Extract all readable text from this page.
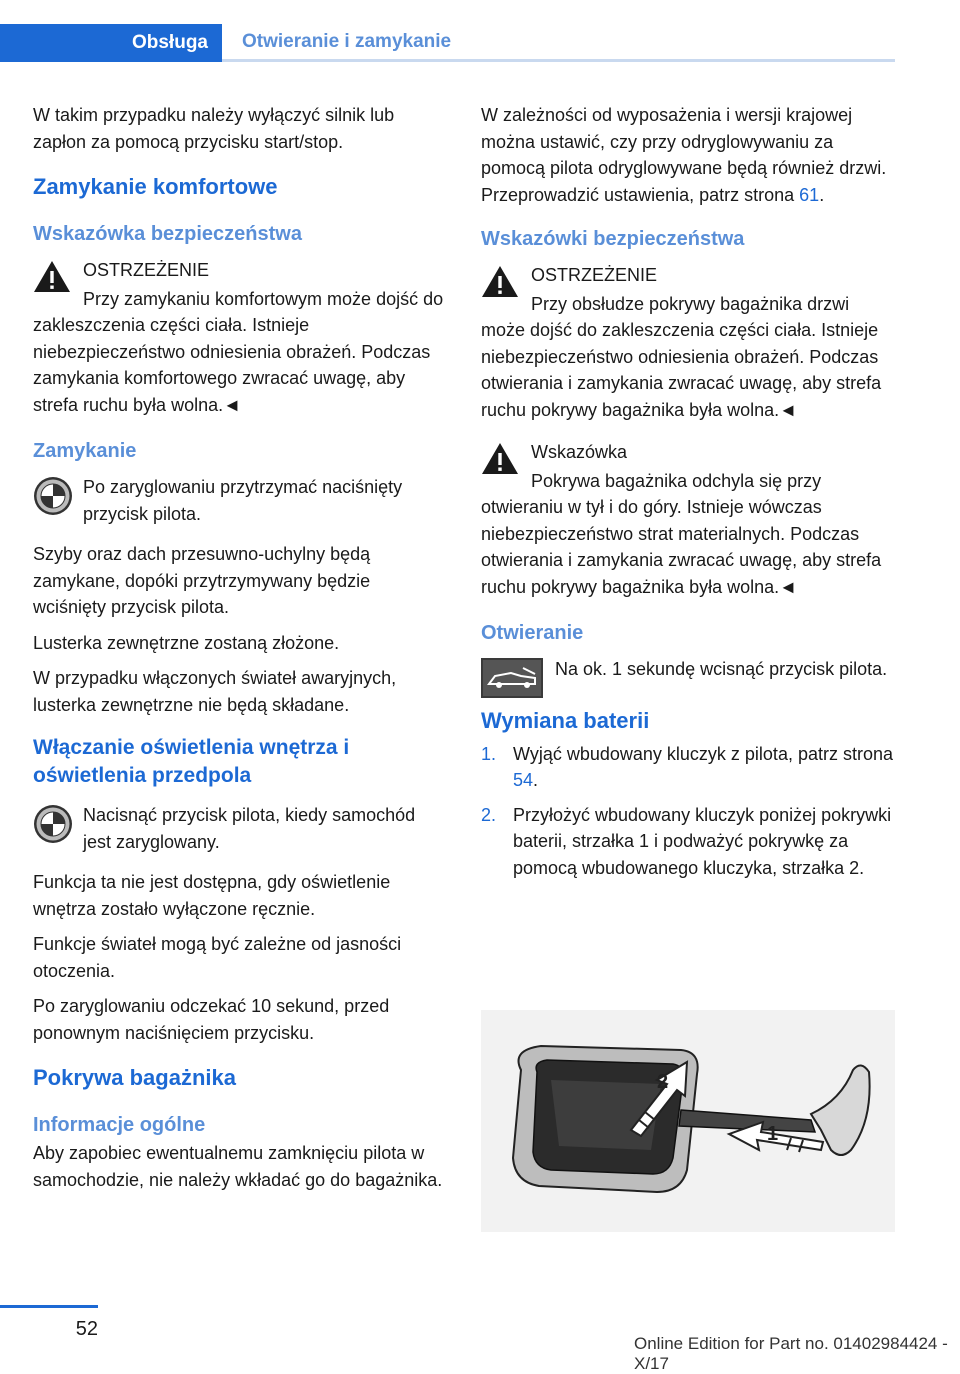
Obsługa	Otwieranie i zamykanie

W takim przypadku należy wyłączyć silnik lub zapłon za pomocą przycisku start/stop.

Zamykanie komfortowe
Wskazówka bezpieczeństwa
OSTRZEŻENIE

Przy zamykaniu komfortowym może dojść do zakleszczenia części ciała. Istnieje niebezpieczeństwo odniesienia obrażeń. Podczas zamykania komfortowego zwracać uwagę, aby strefa ruchu była wolna.◄

Zamykanie
Po zaryglowaniu przytrzymać naciśnięty przycisk pilota.

Szyby oraz dach przesuwno-uchylny będą zamykane, dopóki przytrzymywany będzie wciśnięty przycisk pilota.

Lusterka zewnętrzne zostaną złożone.

W przypadku włączonych świateł awaryjnych, lusterka zewnętrzne nie będą składane.

Włączanie oświetlenia wnętrza i oświetlenia przedpola
Nacisnąć przycisk pilota, kiedy samochód jest zaryglowany.

Funkcja ta nie jest dostępna, gdy oświetlenie wnętrza zostało wyłączone ręcznie.

Funkcje świateł mogą być zależne od jasności otoczenia.

Po zaryglowaniu odczekać 10 sekund, przed ponownym naciśnięciem przycisku.

Pokrywa bagażnika
Informacje ogólne

Aby zapobiec ewentualnemu zamknięciu pilota w samochodzie, nie należy wkładać go do bagażnika.

W zależności od wyposażenia i wersji krajowej można ustawić, czy przy odryglowywaniu za pomocą pilota odryglowywane będą również drzwi. Przeprowadzić ustawienia, patrz strona 61.

Wskazówki bezpieczeństwa
OSTRZEŻENIE

Przy obsłudze pokrywy bagażnika drzwi może dojść do zakleszczenia części ciała. Istnieje niebezpieczeństwo odniesienia obrażeń. Podczas otwierania i zamykania zwracać uwagę, aby strefa ruchu pokrywy bagażnika była wolna.◄

Wskazówka

Pokrywa bagażnika odchyla się przy otwieraniu w tył i do góry. Istnieje wówczas niebezpieczeństwo strat materialnych. Podczas otwierania i zamykania zwracać uwagę, aby strefa ruchu pokrywy bagażnika była wolna.◄

Otwieranie
Na ok. 1 sekundę wcisnąć przycisk pilota.
Wymiana baterii
1. Wyjąć wbudowany kluczyk z pilota, patrz strona 54.
2. Przyłożyć wbudowany kluczyk poniżej pokrywki baterii, strzałka 1 i podważyć pokrywkę za pomocą wbudowanego kluczyka, strzałka 2.
2
1
52
Online Edition for Part no. 01402984424 - X/17
